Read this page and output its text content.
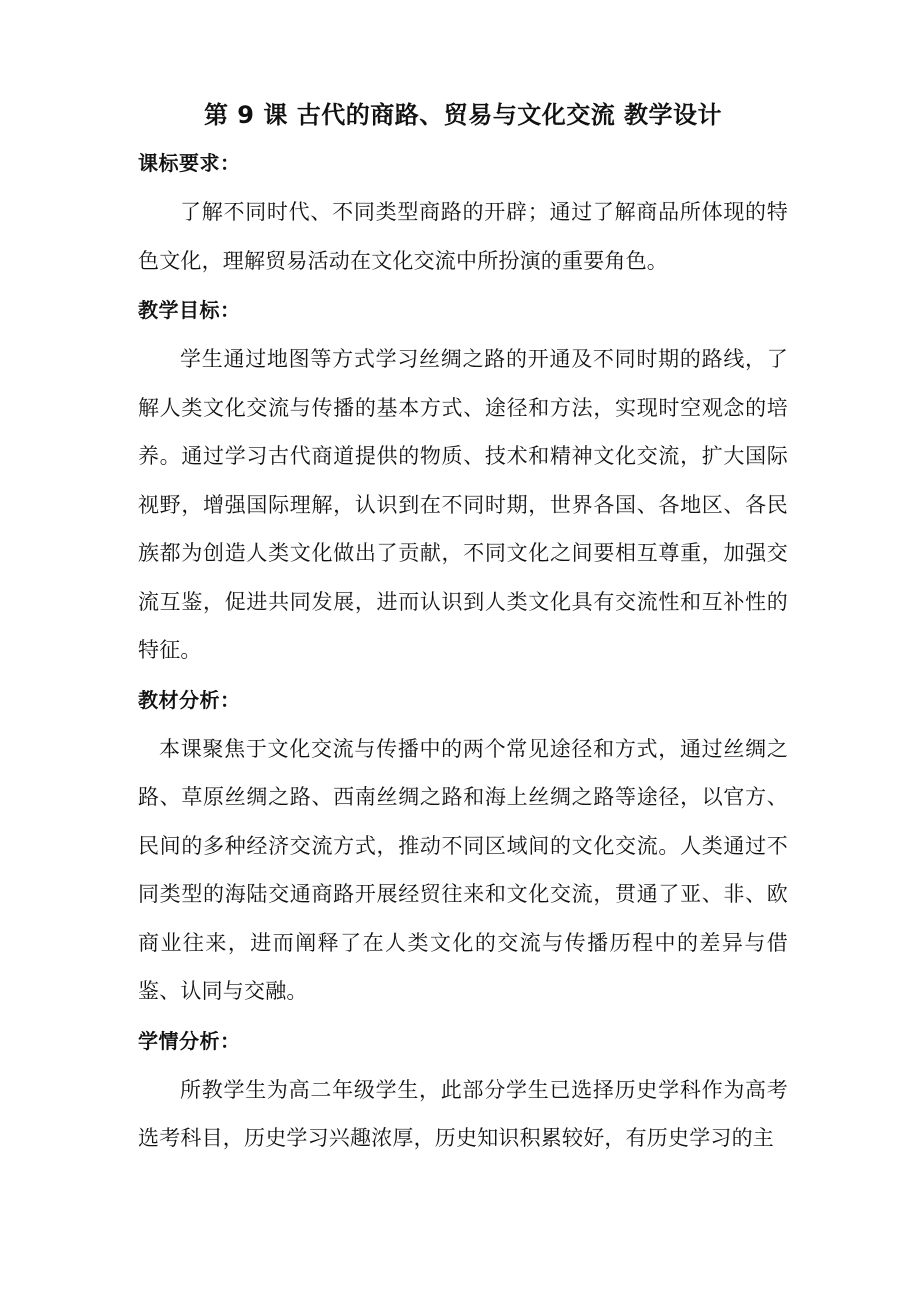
第 9 课 古代的商路、贸易与文化交流 教学设计
课标要求：

了解不同时代、不同类型商路的开辟；通过了解商品所体现的特色文化，理解贸易活动在文化交流中所扮演的重要角色。

教学目标：

学生通过地图等方式学习丝绸之路的开通及不同时期的路线，了解人类文化交流与传播的基本方式、途径和方法，实现时空观念的培养。通过学习古代商道提供的物质、技术和精神文化交流，扩大国际视野，增强国际理解，认识到在不同时期，世界各国、各地区、各民族都为创造人类文化做出了贡献，不同文化之间要相互尊重，加强交流互鉴，促进共同发展，进而认识到人类文化具有交流性和互补性的特征。

教材分析：

本课聚焦于文化交流与传播中的两个常见途径和方式，通过丝绸之路、草原丝绸之路、西南丝绸之路和海上丝绸之路等途径，以官方、民间的多种经济交流方式，推动不同区域间的文化交流。人类通过不同类型的海陆交通商路开展经贸往来和文化交流，贯通了亚、非、欧商业往来，进而阐释了在人类文化的交流与传播历程中的差异与借鉴、认同与交融。

学情分析：

所教学生为高二年级学生，此部分学生已选择历史学科作为高考选考科目，历史学习兴趣浓厚，历史知识积累较好，有历史学习的主
